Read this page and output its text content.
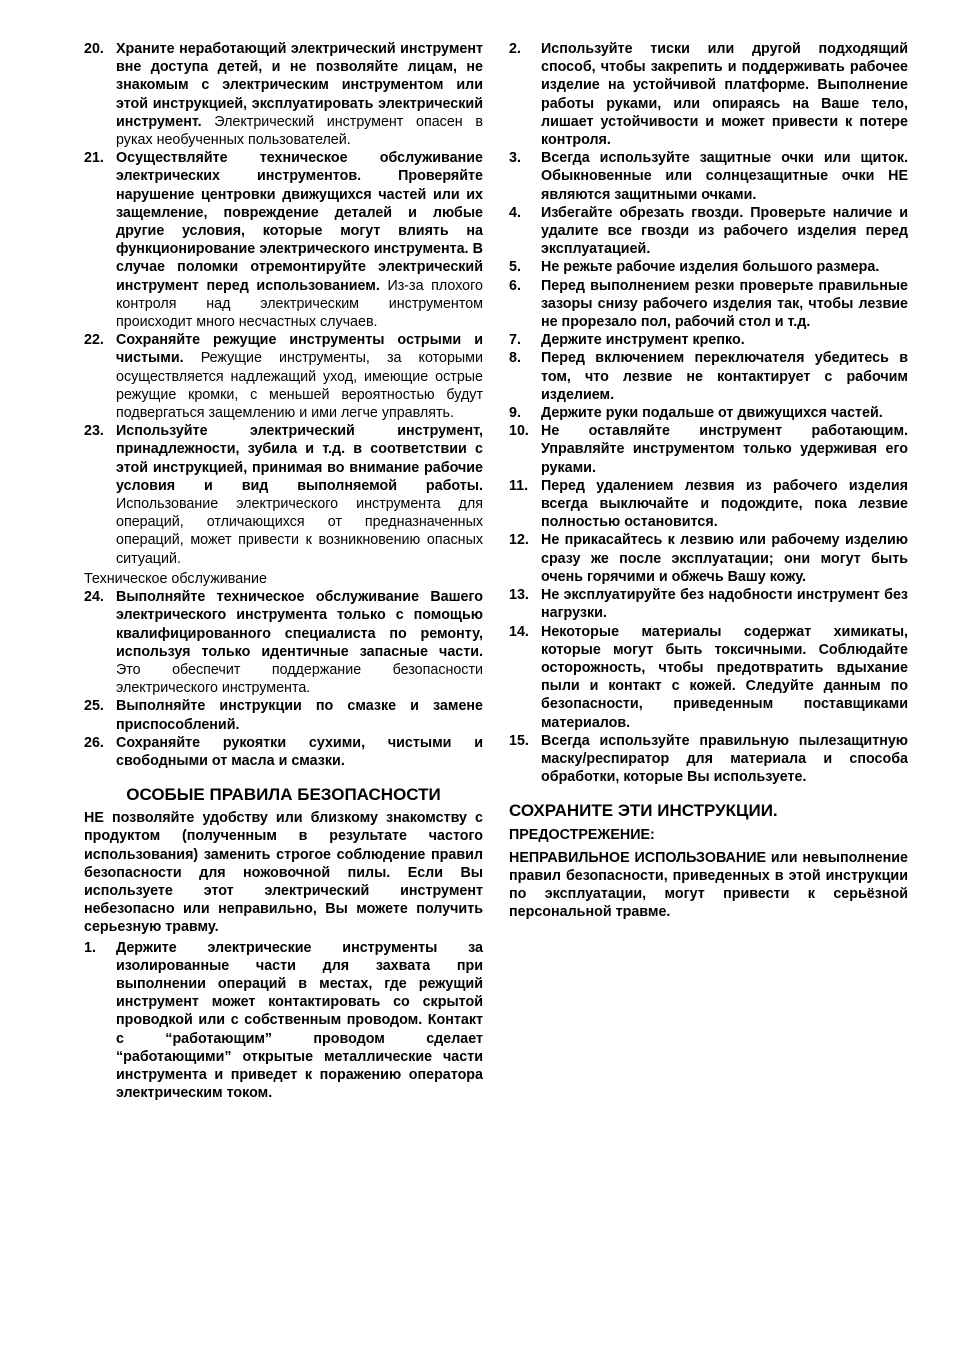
20. Храните неработающий электрический инструмент вне доступа детей, и не позволяйте лицам, не знакомым с электрическим инструментом или этой инструкцией, эксплуатировать электрический инструмент. Электрический инструмент опасен в руках необученных пользователей.
21. Осуществляйте техническое обслуживание электрических инструментов. Проверяйте нарушение центровки движущихся частей или их защемление, повреждение деталей и любые другие условия, которые могут влиять на функционирование электрического инструмента. В случае поломки отремонтируйте электрический инструмент перед использованием. Из-за плохого контроля над электрическим инструментом происходит много несчастных случаев.
22. Сохраняйте режущие инструменты острыми и чистыми. Режущие инструменты, за которыми осуществляется надлежащий уход, имеющие острые режущие кромки, с меньшей вероятностью будут подвергаться защемлению и ими легче управлять.
23. Используйте электрический инструмент, принадлежности, зубила и т.д. в соответствии с этой инструкцией, принимая во внимание рабочие условия и вид выполняемой работы. Использование электрического инструмента для операций, отличающихся от предназначенных операций, может привести к возникновению опасных ситуаций.
Техническое обслуживание
24. Выполняйте техническое обслуживание Вашего электрического инструмента только с помощью квалифицированного специалиста по ремонту, используя только идентичные запасные части. Это обеспечит поддержание безопасности электрического инструмента.
25. Выполняйте инструкции по смазке и замене приспособлений.
26. Сохраняйте рукоятки сухими, чистыми и свободными от масла и смазки.
ОСОБЫЕ ПРАВИЛА БЕЗОПАСНОСТИ
НЕ позволяйте удобству или близкому знакомству с продуктом (полученным в результате частого использования) заменить строгое соблюдение правил безопасности для ножовочной пилы. Если Вы используете этот электрический инструмент небезопасно или неправильно, Вы можете получить серьезную травму.
1.	Держите электрические инструменты за изолированные части для захвата при выполнении операций в местах, где режущий инструмент может контактировать со скрытой проводкой или с собственным проводом. Контакт с “работающим” проводом сделает “работающими” открытые металлические части инструмента и приведет к поражению оператора электрическим током.
2.	Используйте тиски или другой подходящий способ, чтобы закрепить и поддерживать рабочее изделие на устойчивой платформе. Выполнение работы руками, или опираясь на Ваше тело, лишает устойчивости и может привести к потере контроля.
3.	Всегда используйте защитные очки или щиток. Обыкновенные или солнцезащитные очки НЕ являются защитными очками.
4.	Избегайте обрезать гвозди. Проверьте наличие и удалите все гвозди из рабочего изделия перед эксплуатацией.
5.	Не режьте рабочие изделия большого размера.
6.	Перед выполнением резки проверьте правильные зазоры снизу рабочего изделия так, чтобы лезвие не прорезало пол, рабочий стол и т.д.
7.	Держите инструмент крепко.
8.	Перед включением переключателя убедитесь в том, что лезвие не контактирует с рабочим изделием.
9.	Держите руки подальше от движущихся частей.
10. Не оставляйте инструмент работающим. Управляйте инструментом только удерживая его руками.
11. Перед удалением лезвия из рабочего изделия всегда выключайте и подождите, пока лезвие полностью остановится.
12. Не прикасайтесь к лезвию или рабочему изделию сразу же после эксплуатации; они могут быть очень горячими и обжечь Вашу кожу.
13. Не эксплуатируйте без надобности инструмент без нагрузки.
14. Некоторые материалы содержат химикаты, которые могут быть токсичными. Соблюдайте осторожность, чтобы предотвратить вдыхание пыли и контакт с кожей. Следуйте данным по безопасности, приведенным поставщиками материалов.
15. Всегда используйте правильную пылезащитную маску/респиратор для материала и способа обработки, которые Вы используете.
СОХРАНИТЕ ЭТИ ИНСТРУКЦИИ.
ПРЕДОСТРЕЖЕНИЕ:
НЕПРАВИЛЬНОЕ ИСПОЛЬЗОВАНИЕ или невыполнение правил безопасности, приведенных в этой инструкции по эксплуатации, могут привести к серьёзной персональной травме.
